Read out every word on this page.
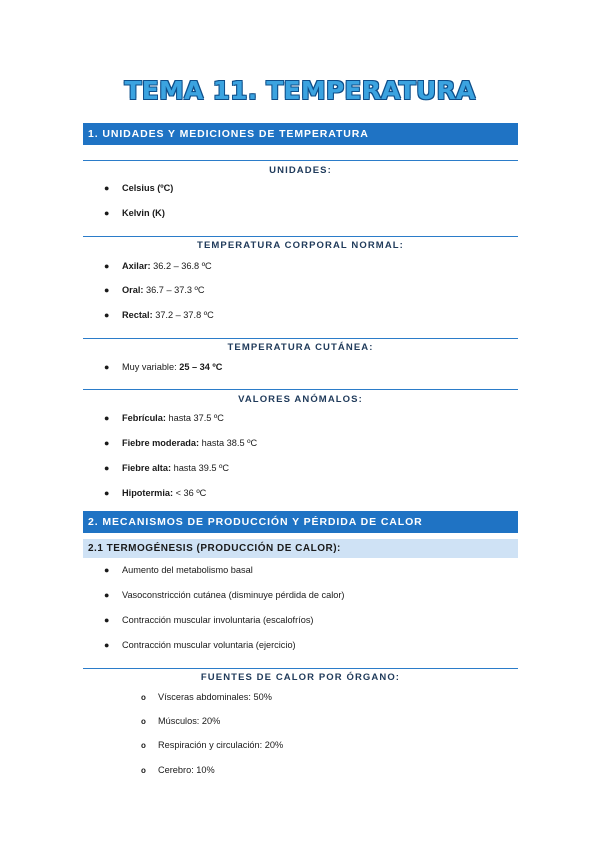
TEMA 11. TEMPERATURA
1. UNIDADES Y MEDICIONES DE TEMPERATURA
UNIDADES:
● Celsius (ºC)
● Kelvin (K)
TEMPERATURA CORPORAL NORMAL:
● Axilar: 36.2 – 36.8 ºC
● Oral: 36.7 – 37.3 ºC
● Rectal: 37.2 – 37.8 ºC
TEMPERATURA CUTÁNEA:
● Muy variable: 25 – 34 ºC
VALORES ANÓMALOS:
● Febrícula: hasta 37.5 ºC
● Fiebre moderada: hasta 38.5 ºC
● Fiebre alta: hasta 39.5 ºC
● Hipotermia: < 36 ºC
2. MECANISMOS DE PRODUCCIÓN Y PÉRDIDA DE CALOR
2.1 TERMOGÉNESIS (PRODUCCIÓN DE CALOR):
● Aumento del metabolismo basal
● Vasoconstricción cutánea (disminuye pérdida de calor)
● Contracción muscular involuntaria (escalofríos)
● Contracción muscular voluntaria (ejercicio)
FUENTES DE CALOR POR ÓRGANO:
o Vísceras abdominales: 50%
o Músculos: 20%
o Respiración y circulación: 20%
o Cerebro: 10%
